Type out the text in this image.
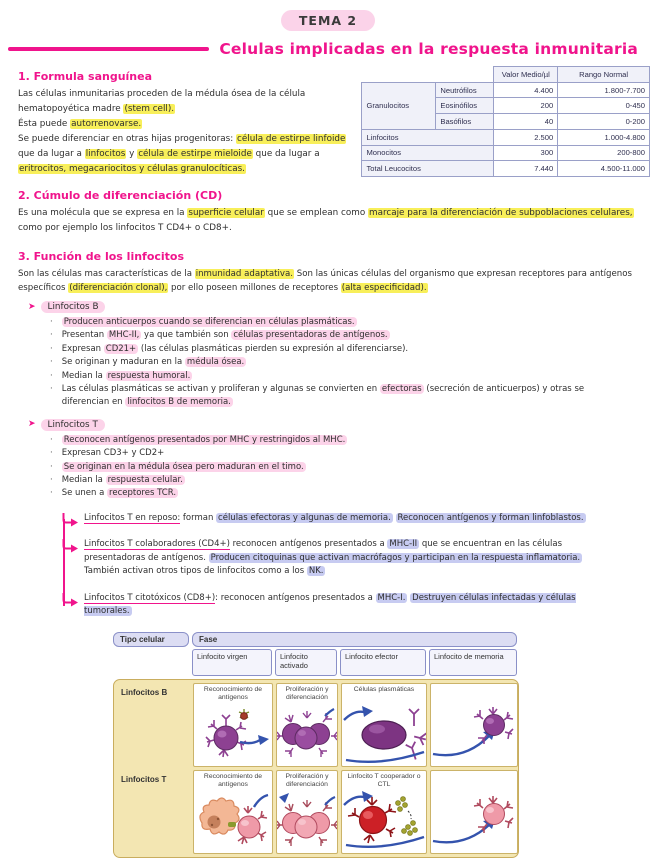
TEMA 2
Celulas implicadas en la respuesta inmunitaria
1. Formula sanguínea

Las células inmunitarias proceden de la médula ósea de la célula hematopoyética madre (stem cell).

Ésta puede autorrenovarse.

Se puede diferenciar en otras hijas progenitoras: célula de estirpe linfoide que da lugar a linfocitos y célula de estirpe mieloide que da lugar a eritrocitos, megacariocitos y células granulocíticas.

		Valor Medio/µl	Rango Normal
Granulocitos	Neutrófilos	4.400	1.800-7.700
	Eosinófilos	200	0-450
	Basófilos	40	0-200
Linfocitos		2.500	1.000-4.800
Monocitos		300	200-800
Total Leucocitos		7.440	4.500-11.000
2. Cúmulo de diferenciación (CD)

Es una molécula que se expresa en la superficie celular que se emplean como marcaje para la diferenciación de subpoblaciones celulares, como por ejemplo los linfocitos T CD4+ o CD8+.

3. Función de los linfocitos

Son las células mas características de la inmunidad adaptativa. Son las únicas células del organismo que expresan receptores para antígenos específicos (diferenciación clonal), por ello poseen millones de receptores (alta especificidad).

➤	Linfocitos B
· Producen anticuerpos cuando se diferencian en células plasmáticas.
· Presentan MHC-II, ya que también son células presentadoras de antígenos.
· Expresan CD21+ (las células plasmáticas pierden su expresión al diferenciarse).
· Se originan y maduran en la médula ósea.
· Median la respuesta humoral.
· Las células plasmáticas se activan y proliferan y algunas se convierten en efectoras (secreción de anticuerpos) y otras se diferencian en linfocitos B de memoria.
➤	Linfocitos T
· Reconocen antígenos presentados por MHC y restringidos al MHC.
· Expresan CD3+ y CD2+
· Se originan en la médula ósea pero maduran en el timo.
· Median la respuesta celular.
· Se unen a receptores TCR.
Linfocitos T en reposo: forman células efectoras y algunas de memoria. Reconocen antígenos y forman linfoblastos.
Linfocitos T colaboradores (CD4+) reconocen antígenos presentados a MHC-II que se encuentran en las células presentadoras de antígenos. Producen citoquinas que activan macrófagos y participan en la respuesta inflamatoria. También activan otros tipos de linfocitos como a los NK.
Linfocitos T citotóxicos (CD8+): reconocen antígenos presentados a MHC-I. Destruyen células infectadas y células tumorales.
Tipo celular	Fase
Linfocito virgen	Linfocito activado
Linfocito efector	Linfocito de memoria
Linfocitos B	Reconocimiento de antígenos
Proliferación y diferenciación
Células plasmáticas
Linfocitos T	Reconocimiento de antígenos
Proliferación y diferenciación
Linfocito T cooperador o CTL
